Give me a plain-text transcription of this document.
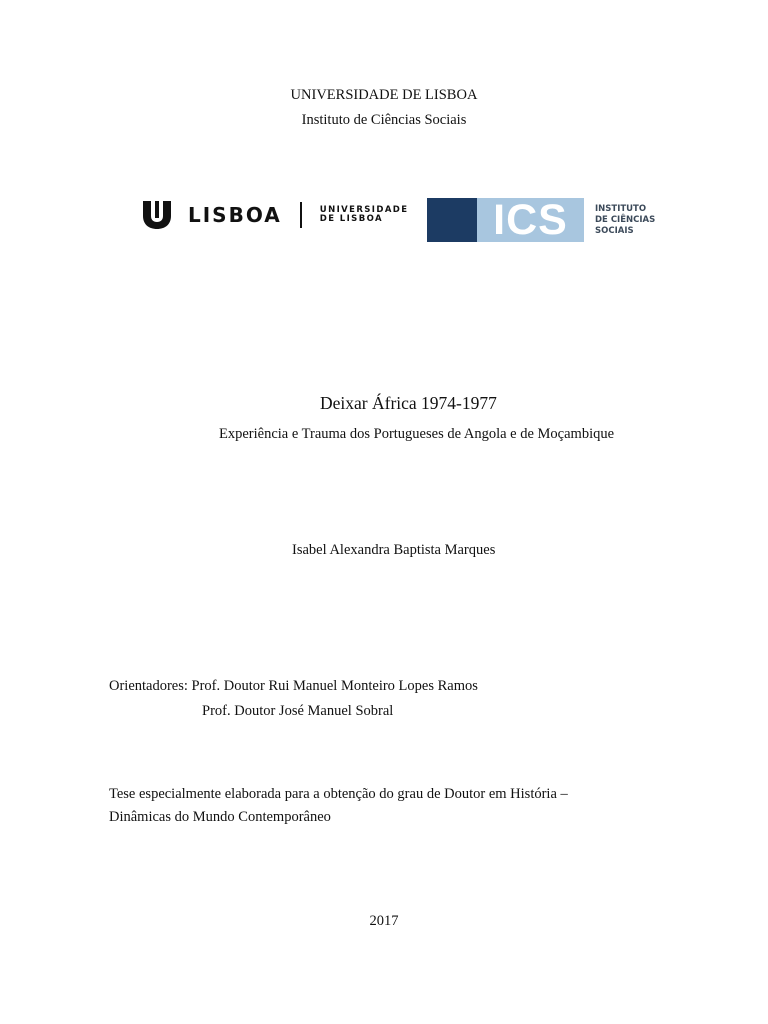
UNIVERSIDADE DE LISBOA
Instituto de Ciências Sociais
LISBOA	UNIVERSIDADE
DE LISBOA	ICS	INSTITUTO
DE CIÊNCIAS
SOCIAIS
Deixar África 1974-1977
Experiência e Trauma dos Portugueses de Angola e de Moçambique
Isabel Alexandra Baptista Marques
Orientadores: Prof. Doutor Rui Manuel Monteiro Lopes Ramos
Prof. Doutor José Manuel Sobral
Tese especialmente elaborada para a obtenção do grau de Doutor em História –
Dinâmicas do Mundo Contemporâneo
2017
